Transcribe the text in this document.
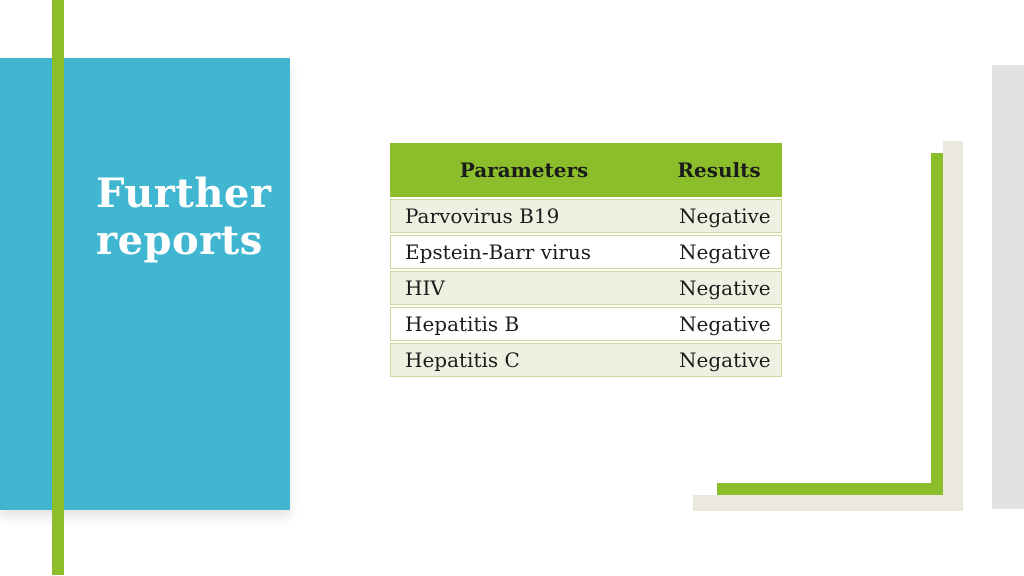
Further reports
Parameters	Results
Parvovirus B19	Negative
Epstein-Barr virus	Negative
HIV	Negative
Hepatitis B	Negative
Hepatitis C	Negative
